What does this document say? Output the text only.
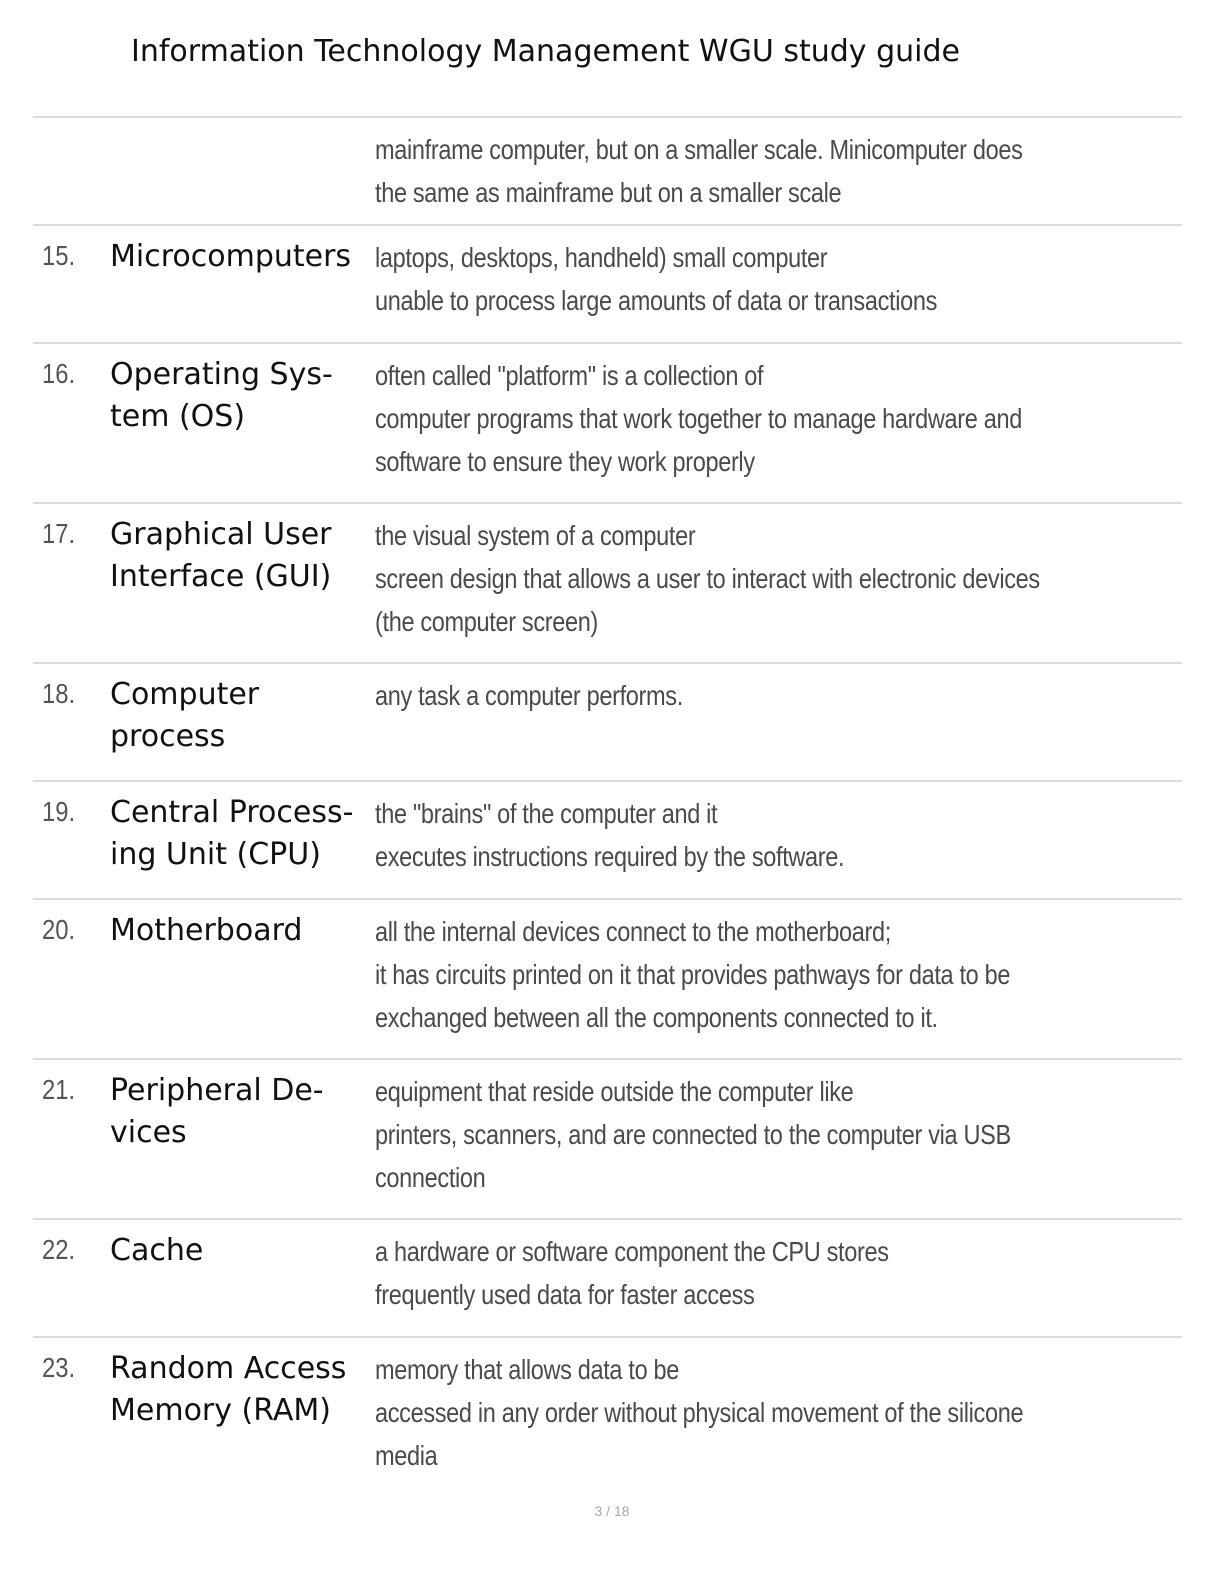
Information Technology Management WGU study guide
mainframe computer, but on a smaller scale. Minicomputer does
the same as mainframe but on a smaller scale
15. Microcomputers laptops, desktops, handheld) small computer
unable to process large amounts of data or transactions
16. Operating Sys-
tem (OS)
often called "platform" is a collection of
computer programs that work together to manage hardware and
software to ensure they work properly
17. Graphical User
Interface (GUI)
the visual system of a computer
screen design that allows a user to interact with electronic devices
(the computer screen)
18. Computer
process
any task a computer performs.
19. Central Process-
ing Unit (CPU)
the "brains" of the computer and it
executes instructions required by the software.
20. Motherboard	all the internal devices connect to the motherboard;
it has circuits printed on it that provides pathways for data to be
exchanged between all the components connected to it.
21. Peripheral De-
vices
equipment that reside outside the computer like
printers, scanners, and are connected to the computer via USB
connection
22. Cache	a hardware or software component the CPU stores
frequently used data for faster access
23. Random Access
Memory (RAM)
memory that allows data to be
accessed in any order without physical movement of the silicone
media
3 / 18
